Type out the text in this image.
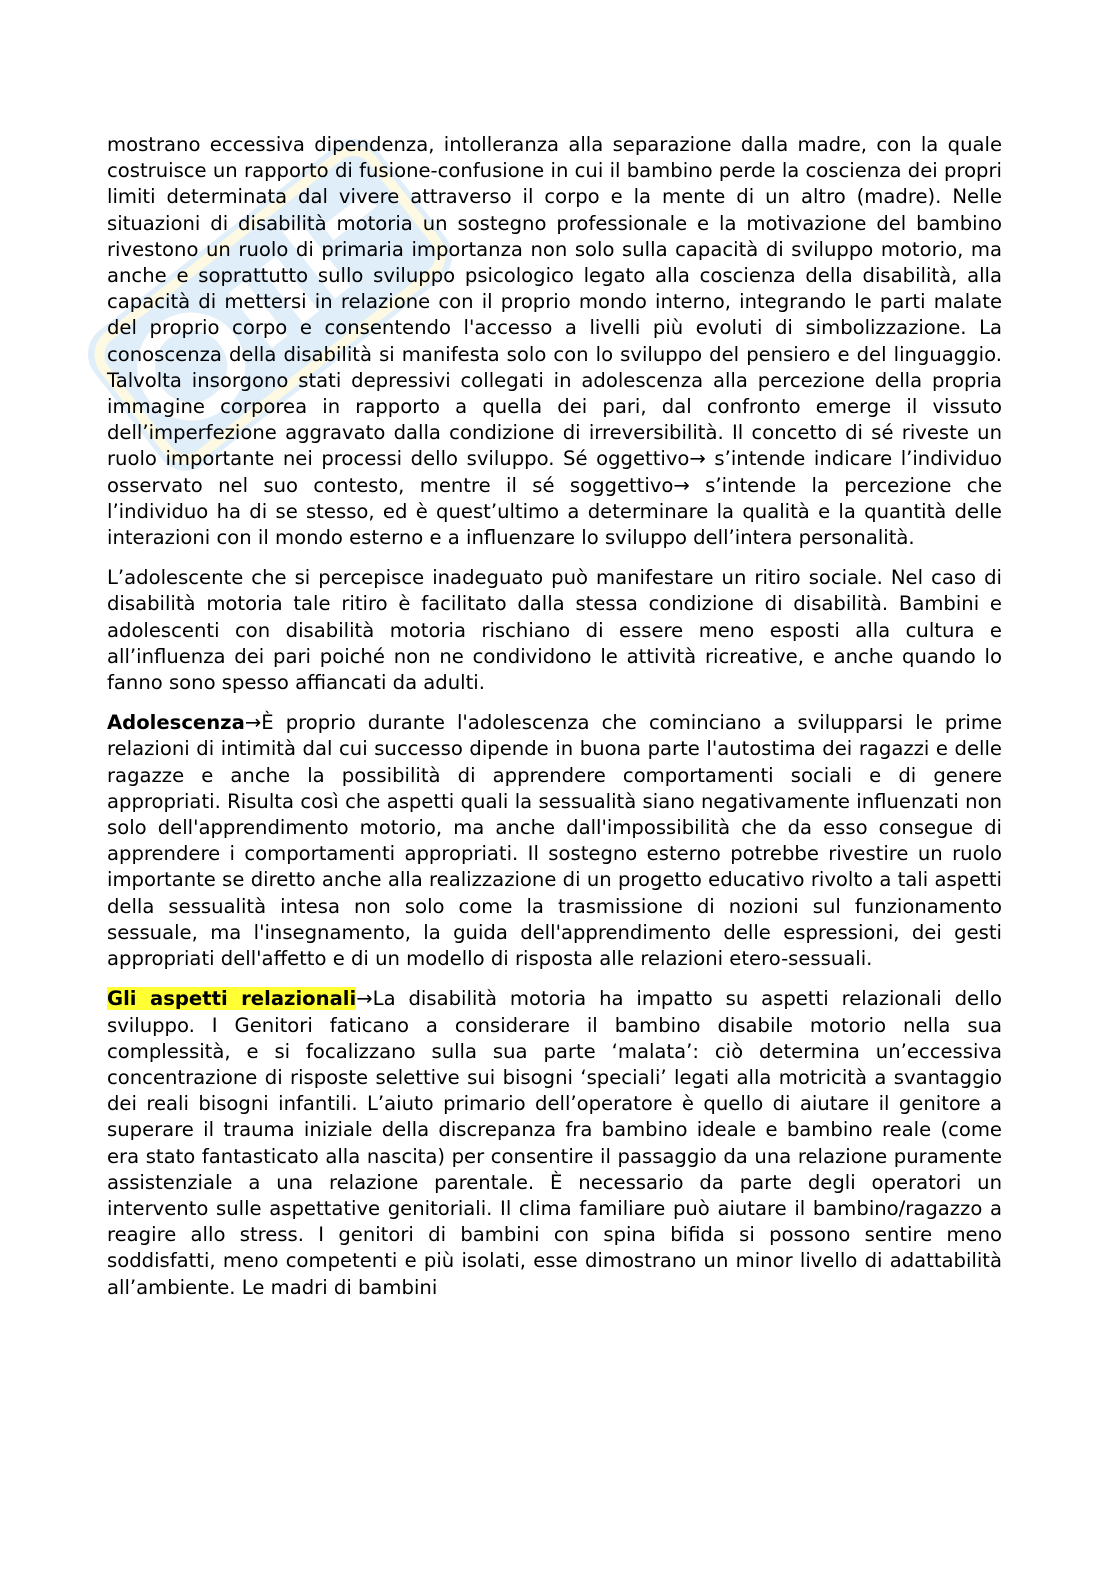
mostrano eccessiva dipendenza, intolleranza alla separazione dalla madre, con la quale costruisce un rapporto di fusione-confusione in cui il bambino perde la coscienza dei propri limiti determinata dal vivere attraverso il corpo e la mente di un altro (madre). Nelle situazioni di disabilità motoria un sostegno professionale e la motivazione del bambino rivestono un ruolo di primaria importanza non solo sulla capacità di sviluppo motorio, ma anche e soprattutto sullo sviluppo psicologico legato alla coscienza della disabilità, alla capacità di mettersi in relazione con il proprio mondo interno, integrando le parti malate del proprio corpo e consentendo l'accesso a livelli più evoluti di simbolizzazione. La conoscenza della disabilità si manifesta solo con lo sviluppo del pensiero e del linguaggio. Talvolta insorgono stati depressivi collegati in adolescenza alla percezione della propria immagine corporea in rapporto a quella dei pari, dal confronto emerge il vissuto dell’imperfezione aggravato dalla condizione di irreversibilità. Il concetto di sé riveste un ruolo importante nei processi dello sviluppo. Sé oggettivo→ s’intende indicare l’individuo osservato nel suo contesto, mentre il sé soggettivo→ s’intende la percezione che l’individuo ha di se stesso, ed è quest’ultimo a determinare la qualità e la quantità delle interazioni con il mondo esterno e a influenzare lo sviluppo dell’intera personalità.

L’adolescente che si percepisce inadeguato può manifestare un ritiro sociale. Nel caso di disabilità motoria tale ritiro è facilitato dalla stessa condizione di disabilità. Bambini e adolescenti con disabilità motoria rischiano di essere meno esposti alla cultura e all’influenza dei pari poiché non ne condividono le attività ricreative, e anche quando lo fanno sono spesso affiancati da adulti.

Adolescenza→È proprio durante l'adolescenza che cominciano a svilupparsi le prime relazioni di intimità dal cui successo dipende in buona parte l'autostima dei ragazzi e delle ragazze e anche la possibilità di apprendere comportamenti sociali e di genere appropriati. Risulta così che aspetti quali la sessualità siano negativamente influenzati non solo dell'apprendimento motorio, ma anche dall'impossibilità che da esso consegue di apprendere i comportamenti appropriati. Il sostegno esterno potrebbe rivestire un ruolo importante se diretto anche alla realizzazione di un progetto educativo rivolto a tali aspetti della sessualità intesa non solo come la trasmissione di nozioni sul funzionamento sessuale, ma l'insegnamento, la guida dell'apprendimento delle espressioni, dei gesti appropriati dell'affetto e di un modello di risposta alle relazioni etero-sessuali.

Gli aspetti relazionali→La disabilità motoria ha impatto su aspetti relazionali dello sviluppo. I Genitori faticano a considerare il bambino disabile motorio nella sua complessità, e si focalizzano sulla sua parte ‘malata’: ciò determina un’eccessiva concentrazione di risposte selettive sui bisogni ‘speciali’ legati alla motricità a svantaggio dei reali bisogni infantili. L’aiuto primario dell’operatore è quello di aiutare il genitore a superare il trauma iniziale della discrepanza fra bambino ideale e bambino reale (come era stato fantasticato alla nascita) per consentire il passaggio da una relazione puramente assistenziale a una relazione parentale. È necessario da parte degli operatori un intervento sulle aspettative genitoriali. Il clima familiare può aiutare il bambino/ragazzo a reagire allo stress. I genitori di bambini con spina bifida si possono sentire meno soddisfatti, meno competenti e più isolati, esse dimostrano un minor livello di adattabilità all’ambiente. Le madri di bambini
